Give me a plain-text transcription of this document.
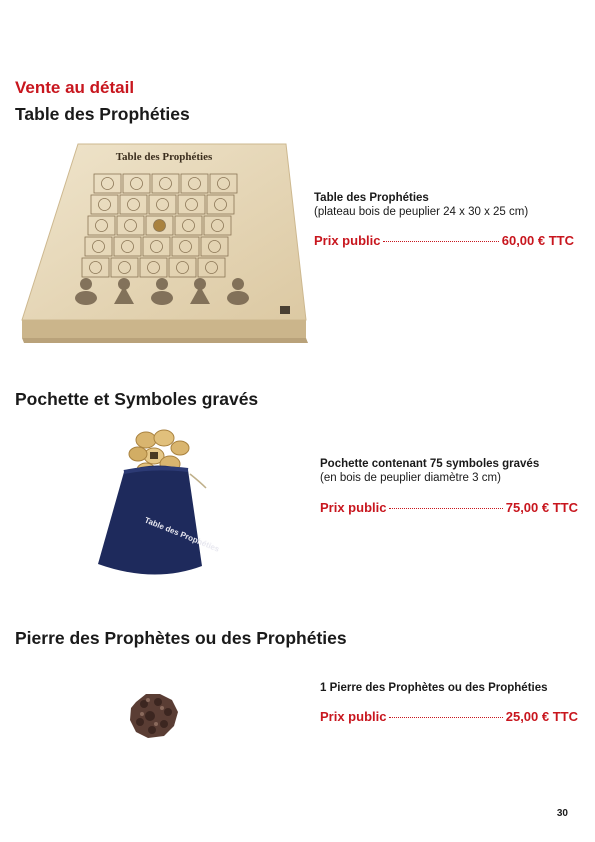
Vente au détail
Table des Prophéties
Table des Prophéties
Table des Prophéties
(plateau bois de peuplier 24 x 30 x 25 cm)
Prix public	60,00 € TTC
Pochette et Symboles gravés
Table des Prophéties
Pochette contenant 75 symboles gravés
(en bois de peuplier diamètre 3 cm)
Prix public	75,00 € TTC
Pierre des Prophètes ou des Prophéties
1 Pierre des Prophètes ou des Prophéties
Prix public	25,00 € TTC
30
